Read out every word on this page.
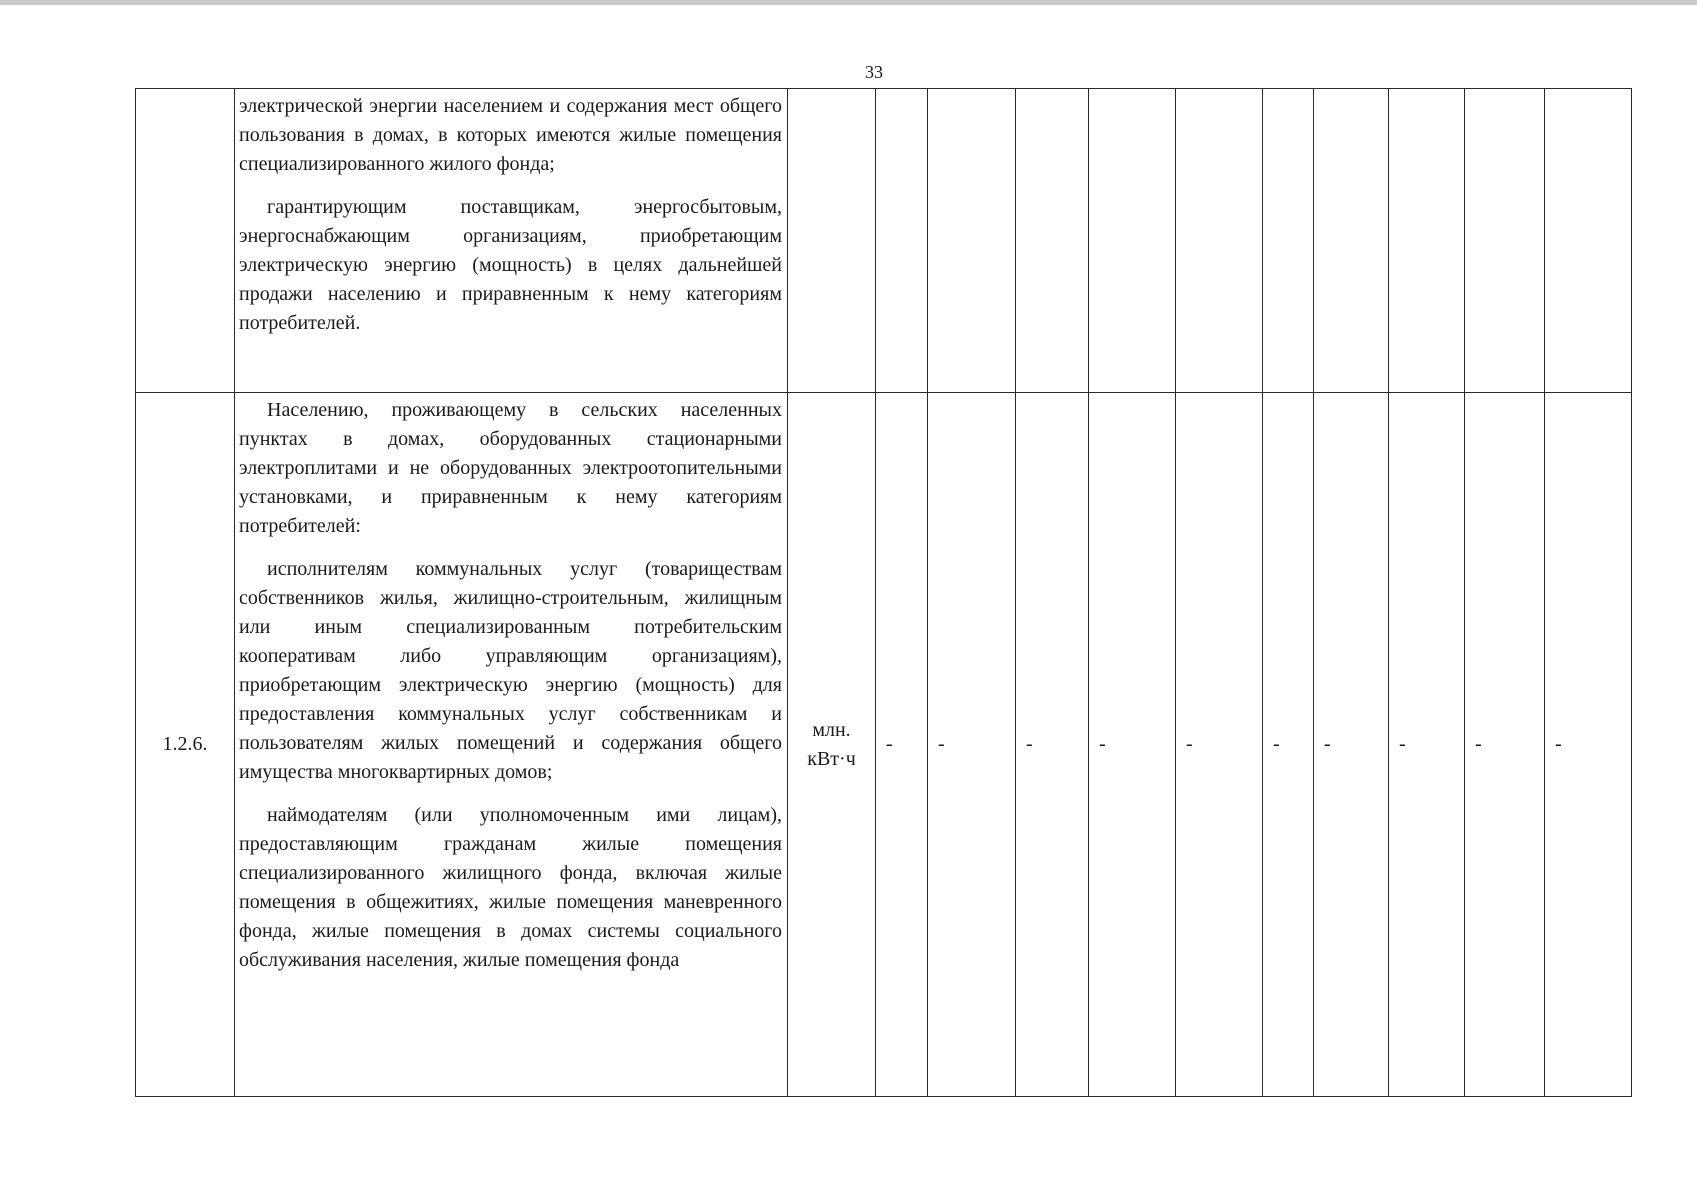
33

	электрической энергии населением и содержания мест общего пользования в домах, в которых имеются жилые помещения специализированного жилого фонда;

гарантирующим поставщикам, энергосбытовым, энергоснабжающим организациям, приобретающим электрическую энергию (мощность) в целях дальнейшей продажи населению и приравненным к нему категориям потребителей.											

1.2.6.	Населению, проживающему в сельских населенных пунктах в домах, оборудованных стационарными электроплитами и не оборудованных электроотопительными установками, и приравненным к нему категориям потребителей:

исполнителям коммунальных услуг (товариществам собственников жилья, жилищно-строительным, жилищным или иным специализированным потребительским кооперативам либо управляющим организациям), приобретающим электрическую энергию (мощность) для предоставления коммунальных услуг собственникам и пользователям жилых помещений и содержания общего имущества многоквартирных домов;

наймодателям (или уполномоченным ими лицам), предоставляющим гражданам жилые помещения специализированного жилищного фонда, включая жилые помещения в общежитиях, жилые помещения маневренного фонда, жилые помещения в домах системы социального обслуживания населения, жилые помещения фонда	млн. кВт·ч	-	-	-	-	-	-	-	-	-	-
